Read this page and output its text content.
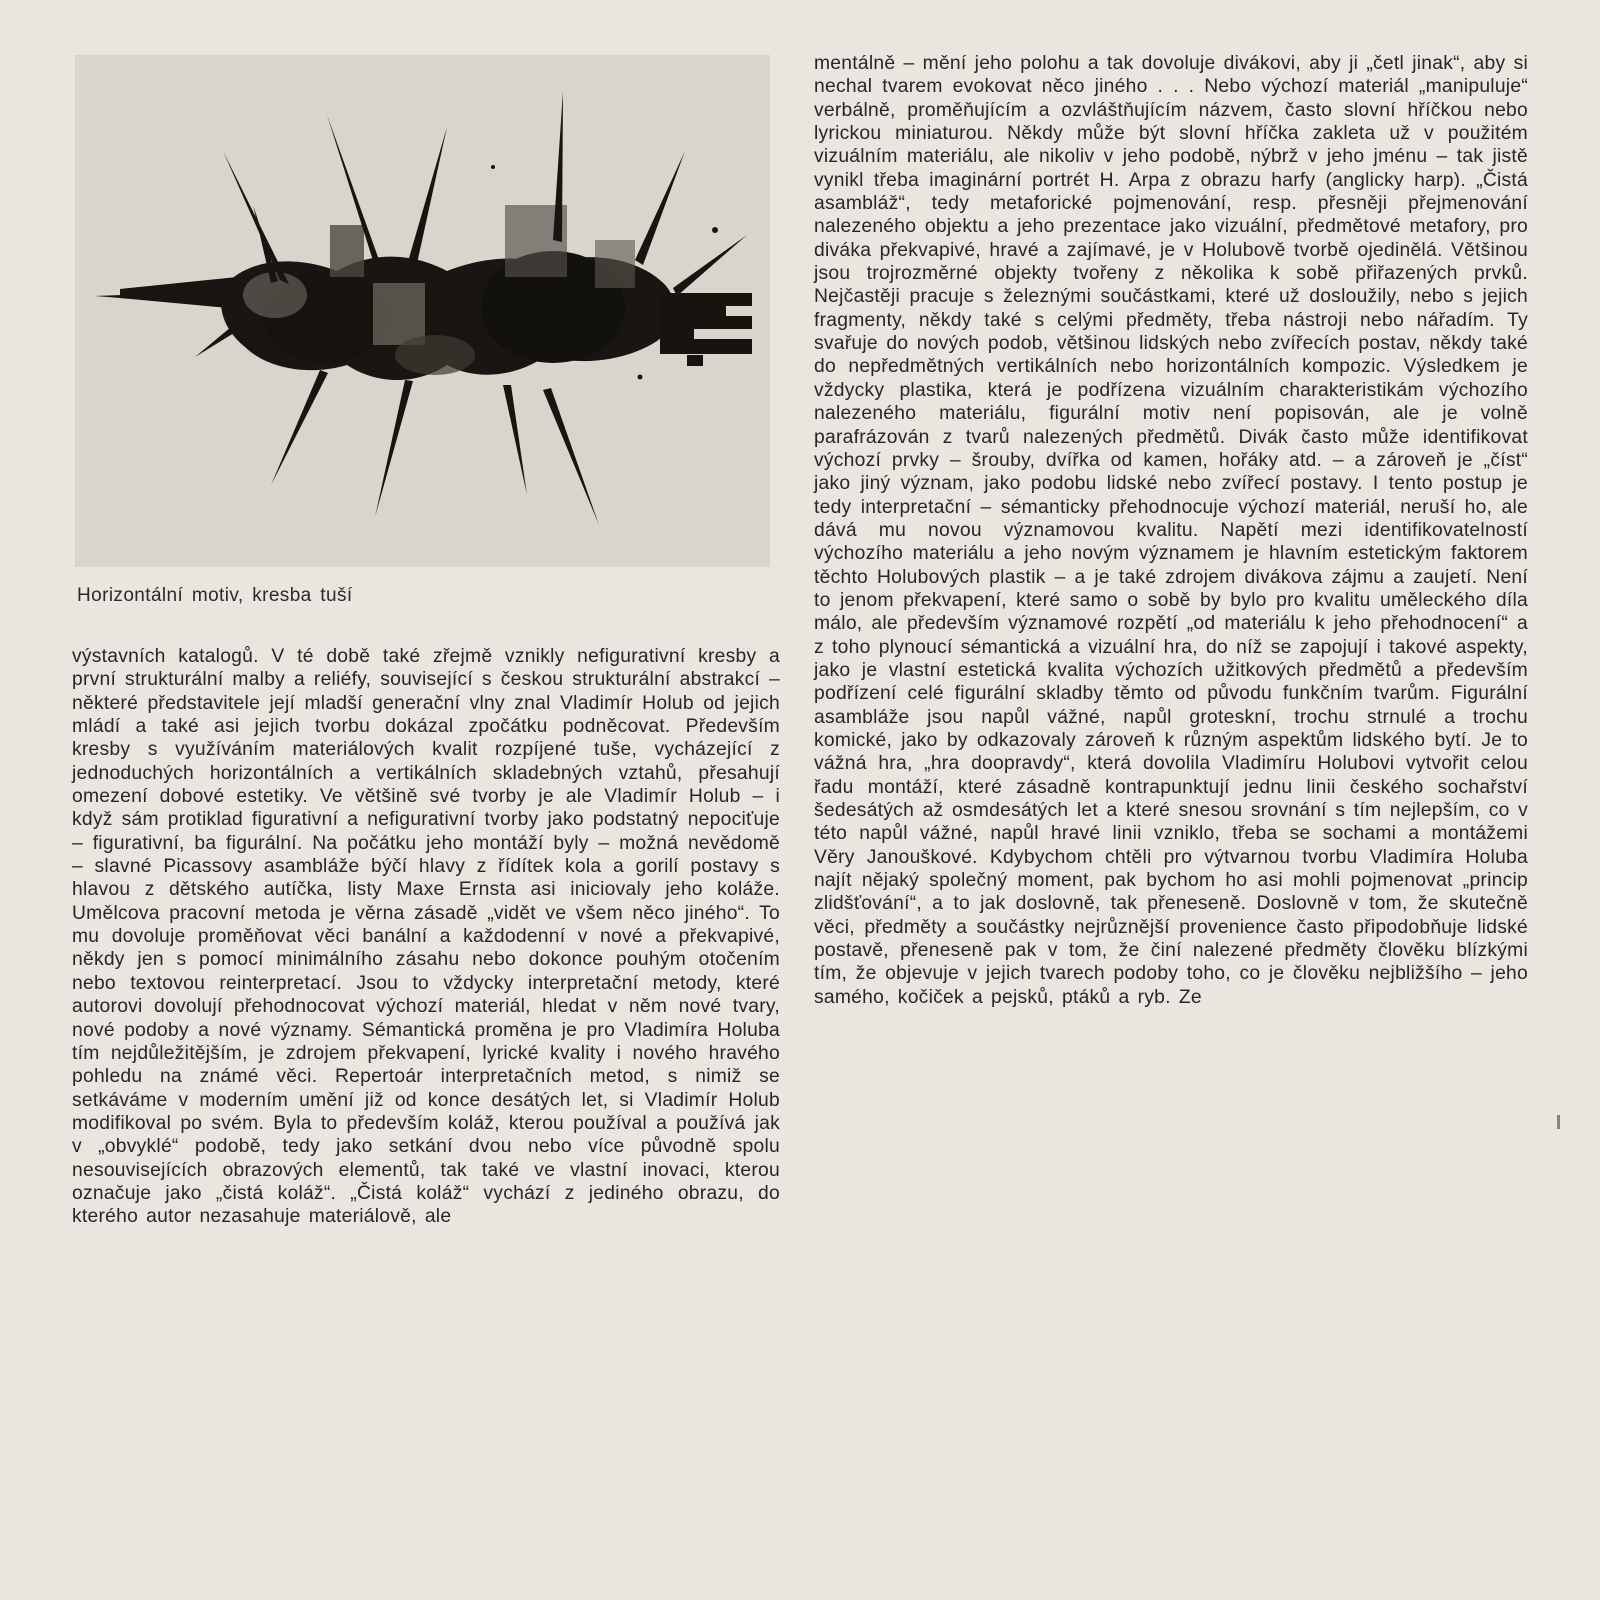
Horizontální motiv, kresba tuší
výstavních katalogů. V té době také zřejmě vznikly nefigurativní kresby a první strukturální malby a reliéfy, související s českou strukturální abstrakcí – některé představitele její mladší generační vlny znal Vladimír Holub od jejich mládí a také asi jejich tvorbu dokázal zpočátku podněcovat. Především kresby s využíváním materiálových kvalit rozpíjené tuše, vycházející z jednoduchých horizontálních a vertikálních skladebných vztahů, přesahují omezení dobové estetiky. Ve většině své tvorby je ale Vladimír Holub – i když sám protiklad figurativní a nefigurativní tvorby jako podstatný nepociťuje – figurativní, ba figurální. Na počátku jeho montáží byly – možná nevědomě – slavné Picassovy asambláže býčí hlavy z řídítek kola a gorilí postavy s hlavou z dětského autíčka, listy Maxe Ernsta asi iniciovaly jeho koláže. Umělcova pracovní metoda je věrna zásadě „vidět ve všem něco jiného“. To mu dovoluje proměňovat věci banální a každodenní v nové a překvapivé, někdy jen s pomocí minimálního zásahu nebo dokonce pouhým otočením nebo textovou reinterpretací. Jsou to vždycky interpretační metody, které autorovi dovolují přehodnocovat výchozí materiál, hledat v něm nové tvary, nové podoby a nové významy. Sémantická proměna je pro Vladimíra Holuba tím nejdůležitějším, je zdrojem překvapení, lyrické kvality i nového hravého pohledu na známé věci. Repertoár interpretačních metod, s nimiž se setkáváme v moderním umění již od konce desátých let, si Vladimír Holub modifikoval po svém. Byla to především koláž, kterou používal a používá jak v „obvyklé“ podobě, tedy jako setkání dvou nebo více původně spolu nesouvisejících obrazových elementů, tak také ve vlastní inovaci, kterou označuje jako „čistá koláž“. „Čistá koláž“ vychází z jediného obrazu, do kterého autor nezasahuje materiálově, ale
mentálně – mění jeho polohu a tak dovoluje divákovi, aby ji „četl jinak“, aby si nechal tvarem evokovat něco jiného . . . Nebo výchozí materiál „manipuluje“ verbálně, proměňujícím a ozvláštňujícím názvem, často slovní hříčkou nebo lyrickou miniaturou. Někdy může být slovní hříčka zakleta už v použitém vizuálním materiálu, ale nikoliv v jeho podobě, nýbrž v jeho jménu – tak jistě vynikl třeba imaginární portrét H. Arpa z obrazu harfy (anglicky harp). „Čistá asambláž“, tedy metaforické pojmenování, resp. přesněji přejmenování nalezeného objektu a jeho prezentace jako vizuální, předmětové metafory, pro diváka překvapivé, hravé a zajímavé, je v Holubově tvorbě ojedinělá. Většinou jsou trojrozměrné objekty tvořeny z několika k sobě přiřazených prvků. Nejčastěji pracuje s železnými součástkami, které už dosloužily, nebo s jejich fragmenty, někdy také s celými předměty, třeba nástroji nebo nářadím. Ty svařuje do nových podob, většinou lidských nebo zvířecích postav, někdy také do nepředmětných vertikálních nebo horizontálních kompozic. Výsledkem je vždycky plastika, která je podřízena vizuálním charakteristikám výchozího nalezeného materiálu, figurální motiv není popisován, ale je volně parafrázován z tvarů nalezených předmětů. Divák často může identifikovat výchozí prvky – šrouby, dvířka od kamen, hořáky atd. – a zároveň je „číst“ jako jiný význam, jako podobu lidské nebo zvířecí postavy. I tento postup je tedy interpretační – sémanticky přehodnocuje výchozí materiál, neruší ho, ale dává mu novou významovou kvalitu. Napětí mezi identifikovatelností výchozího materiálu a jeho novým významem je hlavním estetickým faktorem těchto Holubových plastik – a je také zdrojem divákova zájmu a zaujetí. Není to jenom překvapení, které samo o sobě by bylo pro kvalitu uměleckého díla málo, ale především významové rozpětí „od materiálu k jeho přehodnocení“ a z toho plynoucí sémantická a vizuální hra, do níž se zapojují i takové aspekty, jako je vlastní estetická kvalita výchozích užitkových předmětů a především podřízení celé figurální skladby těmto od původu funkčním tvarům. Figurální asambláže jsou napůl vážné, napůl groteskní, trochu strnulé a trochu komické, jako by odkazovaly zároveň k různým aspektům lidského bytí. Je to vážná hra, „hra doopravdy“, která dovolila Vladimíru Holubovi vytvořit celou řadu montáží, které zásadně kontrapunktují jednu linii českého sochařství šedesátých až osmdesátých let a které snesou srovnání s tím nejlepším, co v této napůl vážné, napůl hravé linii vzniklo, třeba se sochami a montážemi Věry Janouškové. Kdybychom chtěli pro výtvarnou tvorbu Vladimíra Holuba najít nějaký společný moment, pak bychom ho asi mohli pojmenovat „princip zlidšťování“, a to jak doslovně, tak přeneseně. Doslovně v tom, že skutečně věci, předměty a součástky nejrůznější provenience často připodobňuje lidské postavě, přeneseně pak v tom, že činí nalezené předměty člověku blízkými tím, že objevuje v jejich tvarech podoby toho, co je člověku nejbližšího – jeho samého, kočiček a pejsků, ptáků a ryb. Ze
